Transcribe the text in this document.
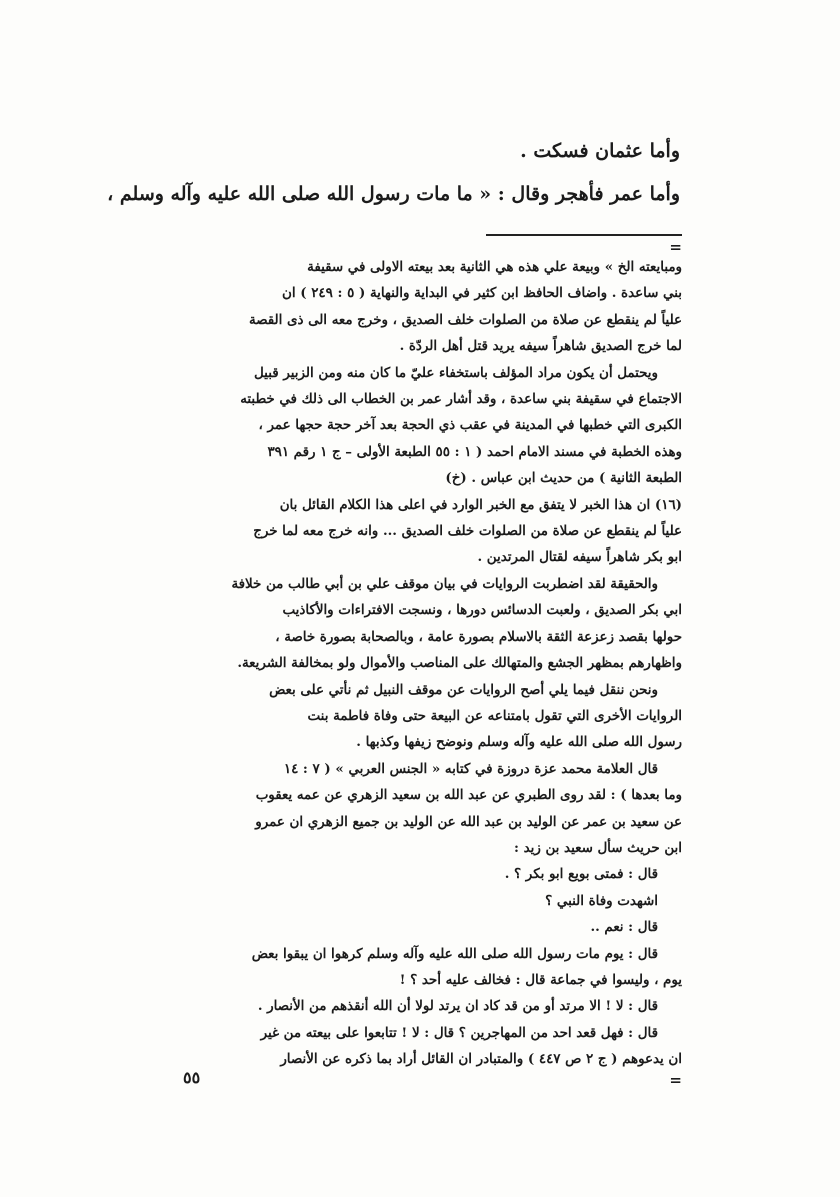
وأما عثمان فسكت .

وأما عمر فأهجر وقال : « ما مات رسول الله صلى الله عليه وآله وسلم ،

=

ومبايعته الخ » وبيعة علي هذه هي الثانية بعد بيعته الاولى في سقيفة

بني ساعدة . واضاف الحافظ ابن كثير في البداية والنهاية ( ٥ : ٢٤٩ ) ان

علياً لم ينقطع عن صلاة من الصلوات خلف الصديق ، وخرج معه الى ذى القصة

لما خرج الصديق شاهراً سيفه يريد قتل أهل الردّة .

ويحتمل أن يكون مراد المؤلف باستخفاء عليّ ما كان منه ومن الزبير قبيل

الاجتماع في سقيفة بني ساعدة ، وقد أشار عمر بن الخطاب الى ذلك في خطبته

الكبرى التي خطبها في المدينة في عقب ذي الحجة بعد آخر حجة حجها عمر ،

وهذه الخطبة في مسند الامام احمد ( ١ : ٥٥ الطبعة الأولى – ج ١ رقم ٣٩١

الطبعة الثانية ) من حديث ابن عباس . (خ)

(١٦) ان هذا الخبر لا يتفق مع الخبر الوارد في اعلى هذا الكلام القائل بان

علياً لم ينقطع عن صلاة من الصلوات خلف الصديق ... وانه خرج معه لما خرج

ابو بكر شاهراً سيفه لقتال المرتدين .

والحقيقة لقد اضطربت الروايات في بيان موقف علي بن أبي طالب من خلافة

ابي بكر الصديق ، ولعبت الدسائس دورها ، ونسجت الافتراءات والأكاذيب

حولها بقصد زعزعة الثقة بالاسلام بصورة عامة ، وبالصحابة بصورة خاصة ،

واظهارهم بمظهر الجشع والمتهالك على المناصب والأموال ولو بمخالفة الشريعة.

ونحن ننقل فيما يلي أصح الروايات عن موقف النبيل ثم نأتي على بعض

الروايات الأخرى التي تقول بامتناعه عن البيعة حتى وفاة فاطمة بنت

رسول الله صلى الله عليه وآله وسلم ونوضح زيفها وكذبها .

قال العلامة محمد عزة دروزة في كتابه « الجنس العربي » ( ٧ : ١٤

وما بعدها ) : لقد روى الطبري عن عبد الله بن سعيد الزهري عن عمه يعقوب

عن سعيد بن عمر عن الوليد بن عبد الله عن الوليد بن جميع الزهري ان عمرو

ابن حريث سأل سعيد بن زيد :

قال : فمتى بويع ابو بكر ؟ .

اشهدت وفاة النبي ؟

قال : نعم ..

قال : يوم مات رسول الله صلى الله عليه وآله وسلم كرهوا ان يبقوا بعض

يوم ، وليسوا في جماعة قال : فخالف عليه أحد ؟ !

قال : لا ! الا مرتد أو من قد كاد ان يرتد لولا أن الله أنقذهم من الأنصار .

قال : فهل قعد احد من المهاجرين ؟ قال : لا ! تتابعوا على بيعته من غير

ان يدعوهم ( ج ٢ ص ٤٤٧ ) والمتبادر ان القائل أراد بما ذكره عن الأنصار

=
٥٥
